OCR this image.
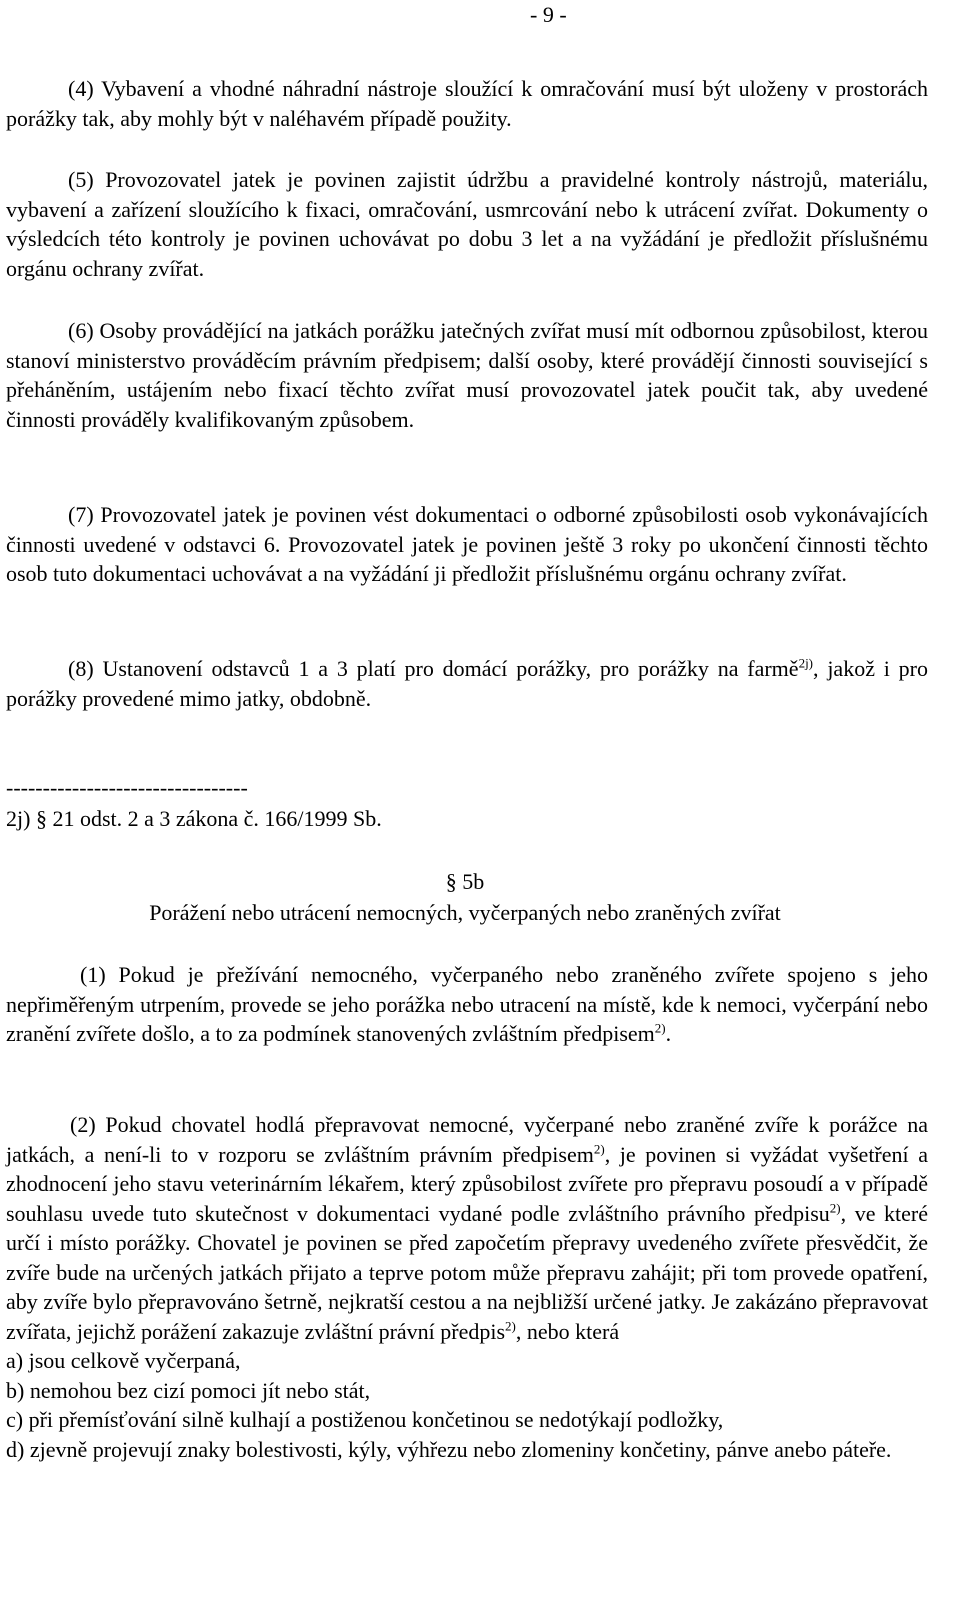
- 9 -

(4) Vybavení a vhodné náhradní nástroje sloužící k omračování musí být uloženy v prostorách porážky tak, aby mohly být v naléhavém případě použity.

(5) Provozovatel jatek je povinen zajistit údržbu a pravidelné kontroly nástrojů, materiálu, vybavení a zařízení sloužícího k fixaci, omračování, usmrcování nebo k utrácení zvířat. Dokumenty o výsledcích této kontroly je povinen uchovávat po dobu 3 let a na vyžádání je předložit příslušnému orgánu ochrany zvířat.

(6) Osoby provádějící na jatkách porážku jatečných zvířat musí mít odbornou způsobilost, kterou stanoví ministerstvo prováděcím právním předpisem; další osoby, které provádějí činnosti související s přeháněním, ustájením nebo fixací těchto zvířat musí provozovatel jatek poučit tak, aby uvedené činnosti prováděly kvalifikovaným způsobem.

(7) Provozovatel jatek je povinen vést dokumentaci o odborné způsobilosti osob vykonávajících činnosti uvedené v odstavci 6. Provozovatel jatek je povinen ještě 3 roky po ukončení činnosti těchto osob tuto dokumentaci uchovávat a na vyžádání ji předložit příslušnému orgánu ochrany zvířat.

(8) Ustanovení odstavců 1 a 3 platí pro domácí porážky, pro porážky na farmě$^{2j)}$, jakož i pro porážky provedené mimo jatky, obdobně.

---------------------------------
2j) § 21 odst. 2 a 3 zákona č. 166/1999 Sb.
§ 5b
Porážení nebo utrácení nemocných, vyčerpaných nebo zraněných zvířat

(1) Pokud je přežívání nemocného, vyčerpaného nebo zraněného zvířete spojeno s jeho nepřiměřeným utrpením, provede se jeho porážka nebo utracení na místě, kde k nemoci, vyčerpání nebo zranění zvířete došlo, a to za podmínek stanovených zvláštním předpisem$^{2)}$.

(2) Pokud chovatel hodlá přepravovat nemocné, vyčerpané nebo zraněné zvíře k porážce na jatkách, a není-li to v rozporu se zvláštním právním předpisem$^{2)}$, je povinen si vyžádat vyšetření a zhodnocení jeho stavu veterinárním lékařem, který způsobilost zvířete pro přepravu posoudí a v případě souhlasu uvede tuto skutečnost v dokumentaci vydané podle zvláštního právního předpisu$^{2)}$, ve které určí i místo porážky. Chovatel je povinen se před započetím přepravy uvedeného zvířete přesvědčit, že zvíře bude na určených jatkách přijato a teprve potom může přepravu zahájit; při tom provede opatření, aby zvíře bylo přepravováno šetrně, nejkratší cestou a na nejbližší určené jatky. Je zakázáno přepravovat zvířata, jejichž porážení zakazuje zvláštní právní předpis$^{2)}$, nebo která

a) jsou celkově vyčerpaná,
b) nemohou bez cizí pomoci jít nebo stát,
c) při přemísťování silně kulhají a postiženou končetinou se nedotýkají podložky,
d) zjevně projevují znaky bolestivosti, kýly, výhřezu nebo zlomeniny končetiny, pánve anebo páteře.
